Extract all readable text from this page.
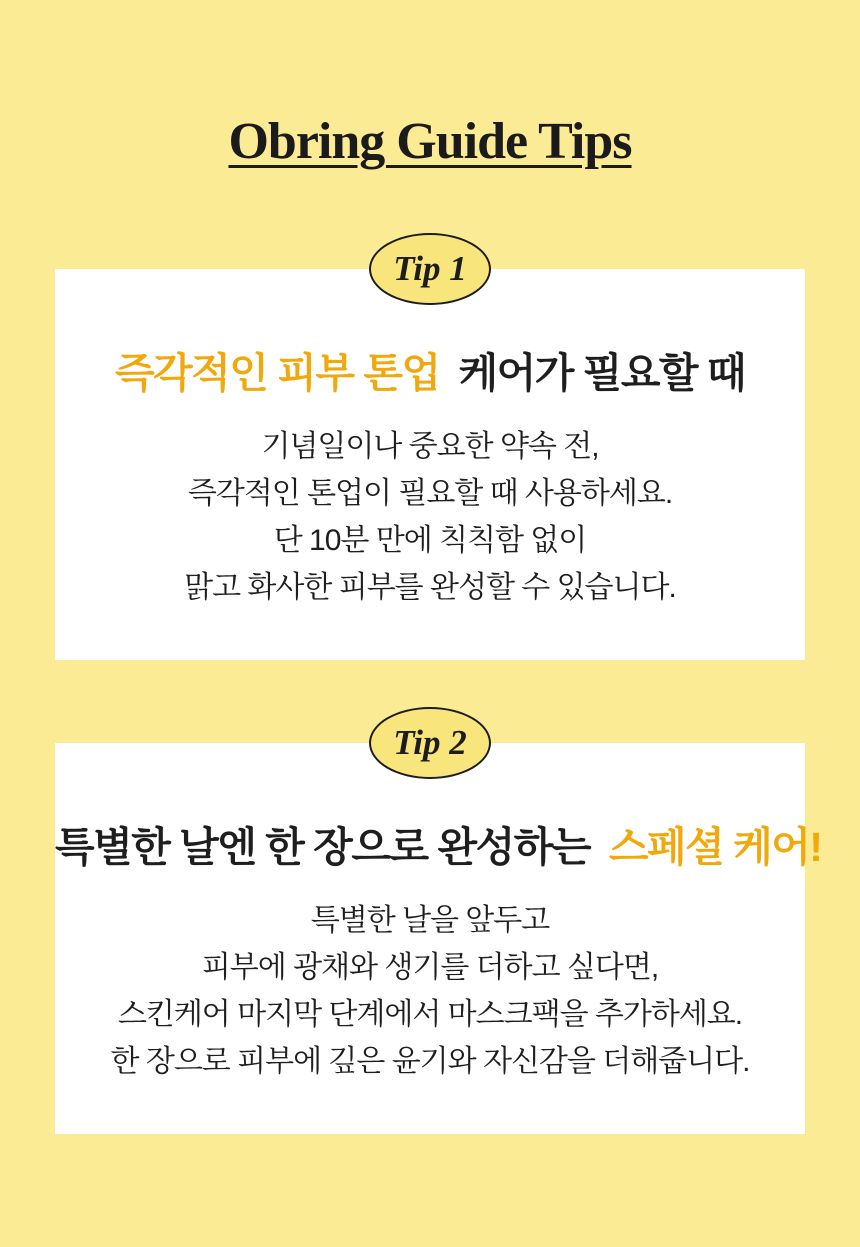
Obring Guide Tips
Tip 1
즉각적인 피부 톤업 케어가 필요할 때
기념일이나 중요한 약속 전,
즉각적인 톤업이 필요할 때 사용하세요.
단 10분 만에 칙칙함 없이
맑고 화사한 피부를 완성할 수 있습니다.
Tip 2
특별한 날엔 한 장으로 완성하는 스페셜 케어!
특별한 날을 앞두고
피부에 광채와 생기를 더하고 싶다면,
스킨케어 마지막 단계에서 마스크팩을 추가하세요.
한 장으로 피부에 깊은 윤기와 자신감을 더해줍니다.
